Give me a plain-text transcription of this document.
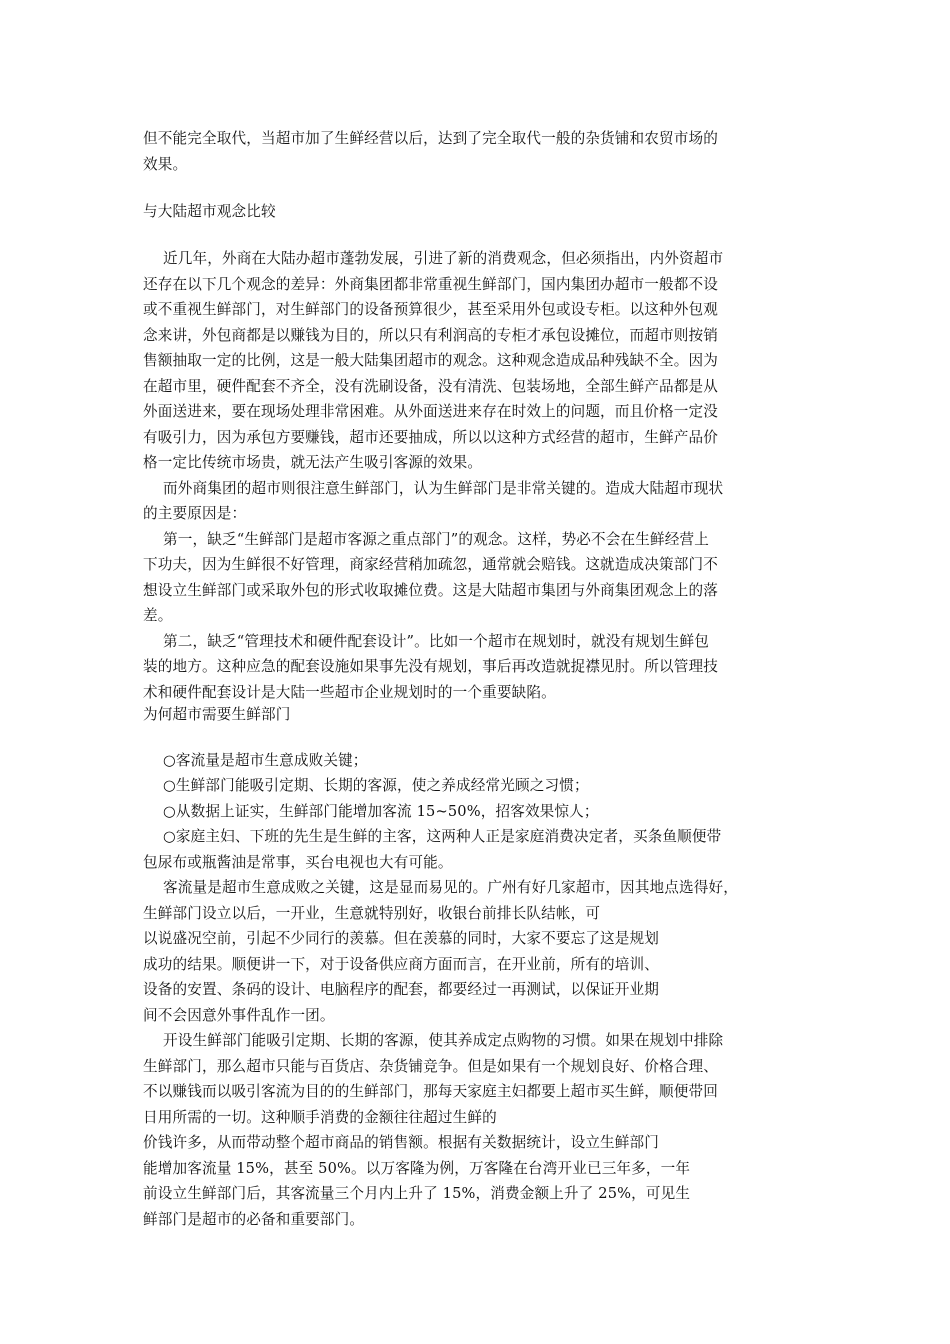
但不能完全取代，当超市加了生鲜经营以后，达到了完全取代一般的杂货铺和农贸市场的

效果。

与大陆超市观念比较

近几年，外商在大陆办超市蓬勃发展，引进了新的消费观念，但必须指出，内外资超市

还存在以下几个观念的差异：外商集团都非常重视生鲜部门，国内集团办超市一般都不设

或不重视生鲜部门，对生鲜部门的设备预算很少，甚至采用外包或设专柜。以这种外包观

念来讲，外包商都是以赚钱为目的，所以只有利润高的专柜才承包设摊位，而超市则按销

售额抽取一定的比例，这是一般大陆集团超市的观念。这种观念造成品种残缺不全。因为

在超市里，硬件配套不齐全，没有洗刷设备，没有清洗、包装场地，全部生鲜产品都是从

外面送进来，要在现场处理非常困难。从外面送进来存在时效上的问题，而且价格一定没

有吸引力，因为承包方要赚钱，超市还要抽成，所以以这种方式经营的超市，生鲜产品价

格一定比传统市场贵，就无法产生吸引客源的效果。

而外商集团的超市则很注意生鲜部门，认为生鲜部门是非常关键的。造成大陆超市现状

的主要原因是：

第一，缺乏“生鲜部门是超市客源之重点部门”的观念。这样，势必不会在生鲜经营上

下功夫，因为生鲜很不好管理，商家经营稍加疏忽，通常就会赔钱。这就造成决策部门不

想设立生鲜部门或采取外包的形式收取摊位费。这是大陆超市集团与外商集团观念上的落

差。

第二，缺乏“管理技术和硬件配套设计”。比如一个超市在规划时，就没有规划生鲜包

装的地方。这种应急的配套设施如果事先没有规划，事后再改造就捉襟见肘。所以管理技

术和硬件配套设计是大陆一些超市企业规划时的一个重要缺陷。

为何超市需要生鲜部门

○客流量是超市生意成败关键；

○生鲜部门能吸引定期、长期的客源，使之养成经常光顾之习惯；

○从数据上证实，生鲜部门能增加客流 15~50%，招客效果惊人；

○家庭主妇、下班的先生是生鲜的主客，这两种人正是家庭消费决定者，买条鱼顺便带

包尿布或瓶酱油是常事，买台电视也大有可能。

客流量是超市生意成败之关键，这是显而易见的。广州有好几家超市，因其地点选得好，

生鲜部门设立以后，一开业，生意就特别好，收银台前排长队结帐，可

以说盛况空前，引起不少同行的羡慕。但在羡慕的同时，大家不要忘了这是规划

成功的结果。顺便讲一下，对于设备供应商方面而言，在开业前，所有的培训、

设备的安置、条码的设计、电脑程序的配套，都要经过一再测试，以保证开业期

间不会因意外事件乱作一团。

开设生鲜部门能吸引定期、长期的客源，使其养成定点购物的习惯。如果在规划中排除

生鲜部门，那么超市只能与百货店、杂货铺竞争。但是如果有一个规划良好、价格合理、

不以赚钱而以吸引客流为目的的生鲜部门，那每天家庭主妇都要上超市买生鲜，顺便带回

日用所需的一切。这种顺手消费的金额往往超过生鲜的

价钱许多，从而带动整个超市商品的销售额。根据有关数据统计，设立生鲜部门

能增加客流量 15%，甚至 50%。以万客隆为例，万客隆在台湾开业已三年多，一年

前设立生鲜部门后，其客流量三个月内上升了 15%，消费金额上升了 25%，可见生

鲜部门是超市的必备和重要部门。
